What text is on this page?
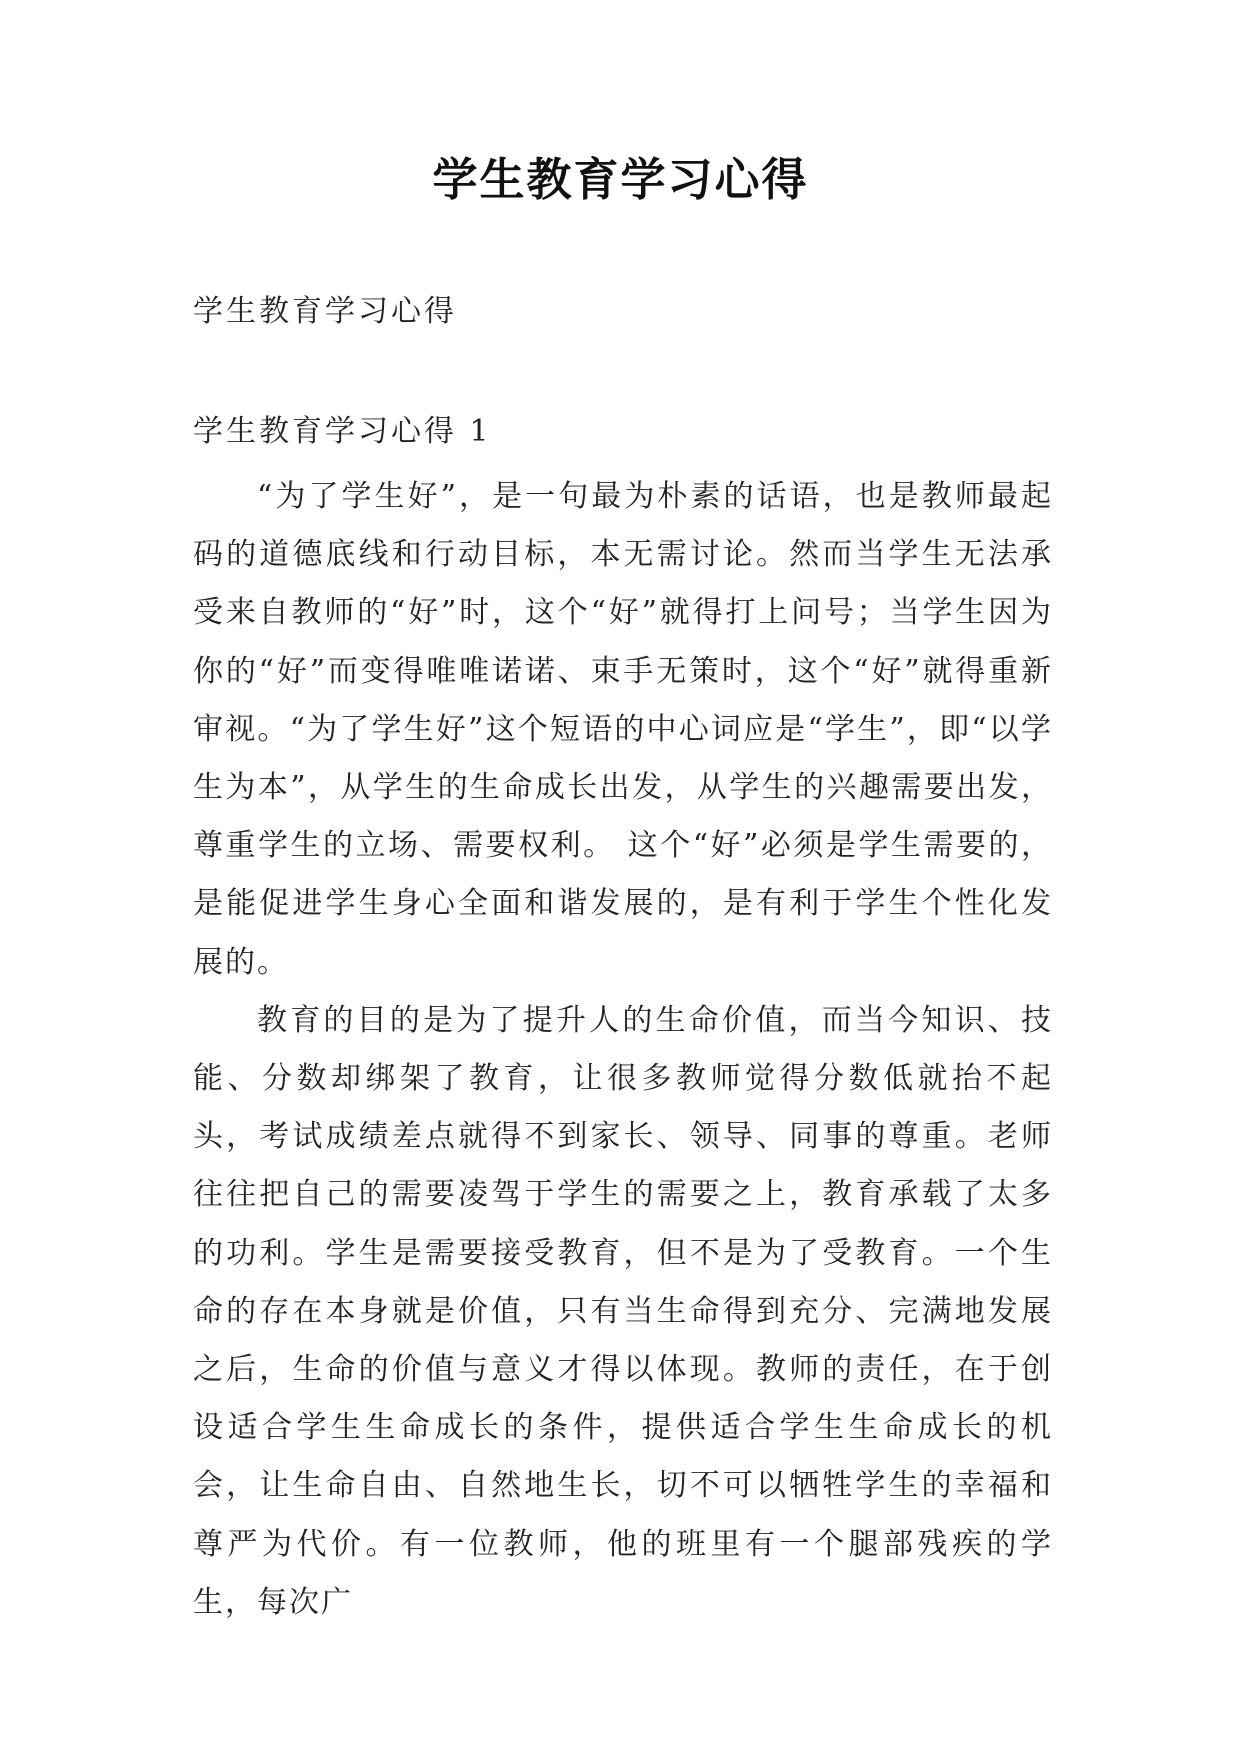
学生教育学习心得

学生教育学习心得

学生教育学习心得 1

“为了学生好”，是一句最为朴素的话语，也是教师最起码的道德底线和行动目标，本无需讨论。然而当学生无法承受来自教师的“好”时，这个“好”就得打上问号；当学生因为你的“好”而变得唯唯诺诺、束手无策时，这个“好”就得重新审视。“为了学生好”这个短语的中心词应是“学生”，即“以学生为本”，从学生的生命成长出发，从学生的兴趣需要出发，尊重学生的立场、需要权利。 这个“好”必须是学生需要的，是能促进学生身心全面和谐发展的，是有利于学生个性化发展的。

教育的目的是为了提升人的生命价值，而当今知识、技能、分数却绑架了教育，让很多教师觉得分数低就抬不起头，考试成绩差点就得不到家长、领导、同事的尊重。老师往往把自己的需要凌驾于学生的需要之上，教育承载了太多的功利。学生是需要接受教育，但不是为了受教育。一个生命的存在本身就是价值，只有当生命得到充分、完满地发展之后，生命的价值与意义才得以体现。教师的责任，在于创设适合学生生命成长的条件，提供适合学生生命成长的机会，让生命自由、自然地生长，切不可以牺牲学生的幸福和尊严为代价。有一位教师，他的班里有一个腿部残疾的学生，每次广
